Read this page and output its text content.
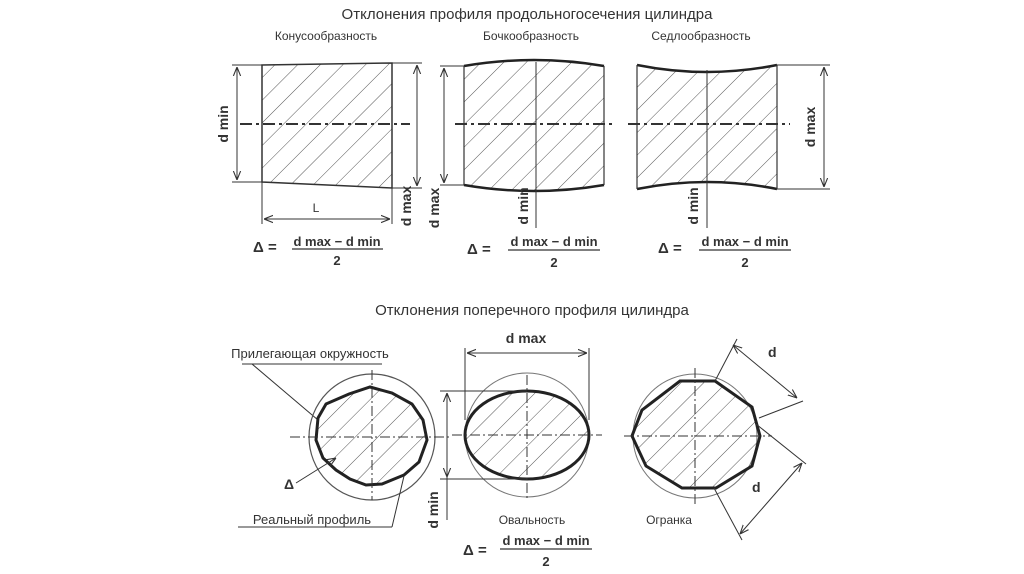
Отклонения профиля продольногосечения цилиндра
Отклонения поперечного профиля цилиндра
Конусообразность
d min
d max
L
Бочкообразность
d max	d min
Седлообразность
d max
d min
Δ = d max − d min
2
Δ = d max − d min
2
Δ = d max − d min
2
Прилегающая окружность
Δ
Реальный профиль
d max
d min	Овальность
d
d
Огранка
Δ =
d max − d min
2
